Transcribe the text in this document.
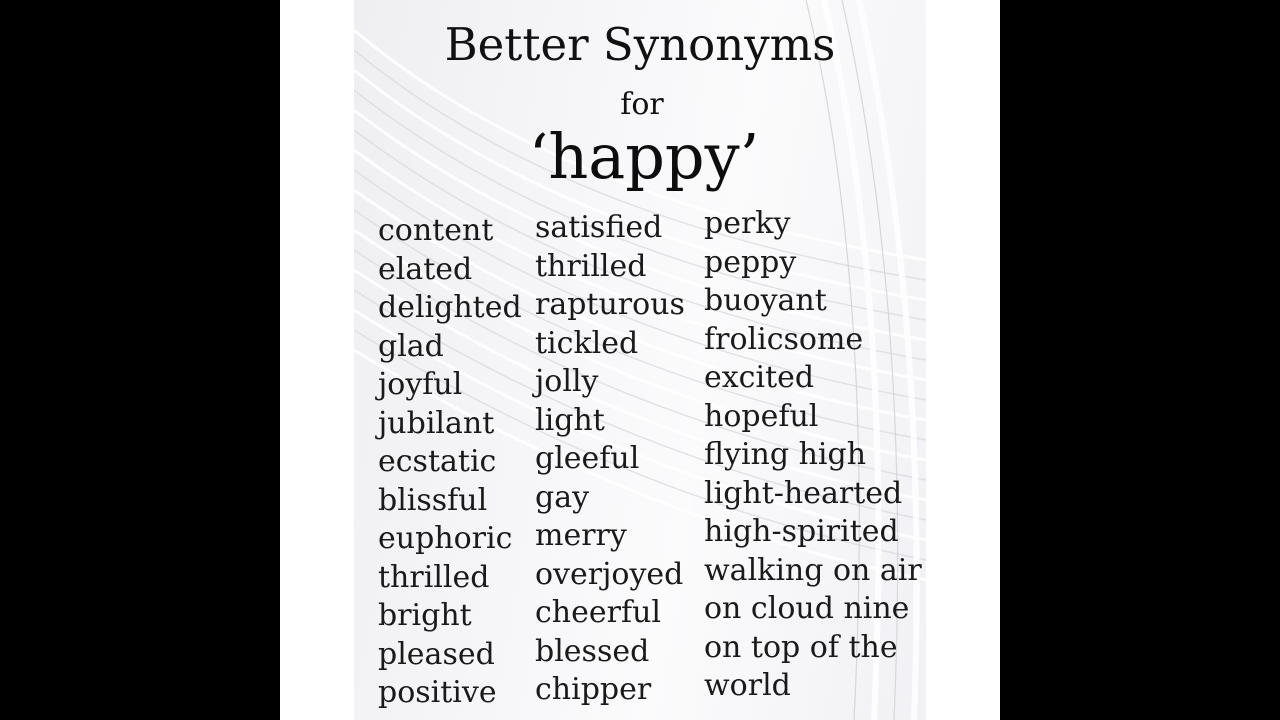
Better Synonyms
for
‘happy’
content
elated
delighted
glad
joyful
jubilant
ecstatic
blissful
euphoric
thrilled
bright
pleased
positive
satisfied
thrilled
rapturous
tickled
jolly
light
gleeful
gay
merry
overjoyed
cheerful
blessed
chipper
perky
peppy
buoyant
frolicsome
excited
hopeful
flying high
light-hearted
high-spirited
walking on air
on cloud nine
on top of the
world
